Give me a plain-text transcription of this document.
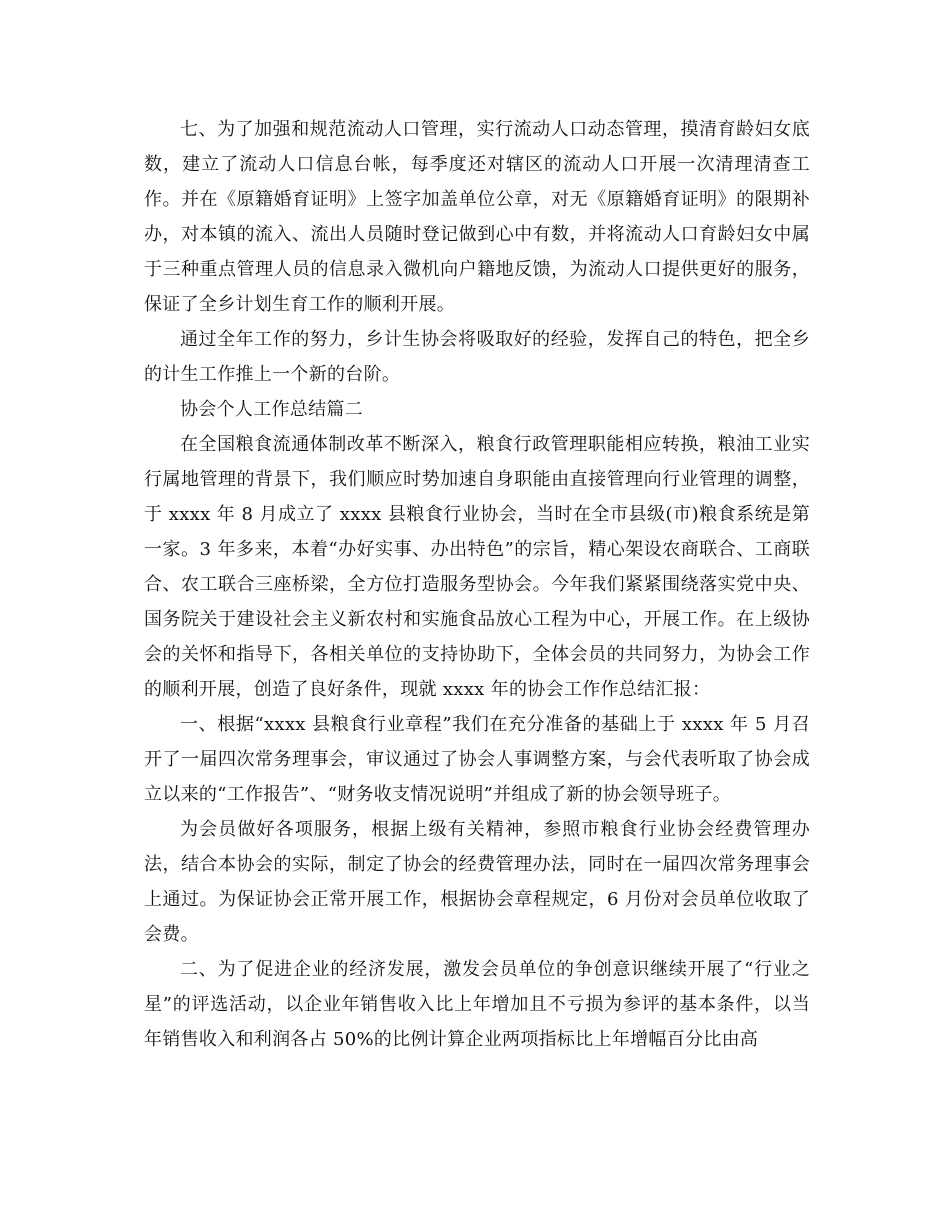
七、为了加强和规范流动人口管理，实行流动人口动态管理，摸清育龄妇女底数，建立了流动人口信息台帐，每季度还对辖区的流动人口开展一次清理清查工作。并在《原籍婚育证明》上签字加盖单位公章，对无《原籍婚育证明》的限期补办，对本镇的流入、流出人员随时登记做到心中有数，并将流动人口育龄妇女中属于三种重点管理人员的信息录入微机向户籍地反馈，为流动人口提供更好的服务，保证了全乡计划生育工作的顺利开展。

通过全年工作的努力，乡计生协会将吸取好的经验，发挥自己的特色，把全乡的计生工作推上一个新的台阶。

协会个人工作总结篇二

在全国粮食流通体制改革不断深入，粮食行政管理职能相应转换，粮油工业实行属地管理的背景下，我们顺应时势加速自身职能由直接管理向行业管理的调整，于 xxxx 年 8 月成立了 xxxx 县粮食行业协会，当时在全市县级(市)粮食系统是第一家。3 年多来，本着“办好实事、办出特色”的宗旨，精心架设农商联合、工商联合、农工联合三座桥梁，全方位打造服务型协会。今年我们紧紧围绕落实党中央、国务院关于建设社会主义新农村和实施食品放心工程为中心，开展工作。在上级协会的关怀和指导下，各相关单位的支持协助下，全体会员的共同努力，为协会工作的顺利开展，创造了良好条件，现就 xxxx 年的协会工作作总结汇报：

一、根据“xxxx 县粮食行业章程”我们在充分准备的基础上于 xxxx 年 5 月召开了一届四次常务理事会，审议通过了协会人事调整方案，与会代表听取了协会成立以来的“工作报告”、“财务收支情况说明”并组成了新的协会领导班子。

为会员做好各项服务，根据上级有关精神，参照市粮食行业协会经费管理办法，结合本协会的实际，制定了协会的经费管理办法，同时在一届四次常务理事会上通过。为保证协会正常开展工作，根据协会章程规定，6 月份对会员单位收取了会费。

二、为了促进企业的经济发展，激发会员单位的争创意识继续开展了“行业之星”的评选活动，以企业年销售收入比上年增加且不亏损为参评的基本条件，以当年销售收入和利润各占 50%的比例计算企业两项指标比上年增幅百分比由高
